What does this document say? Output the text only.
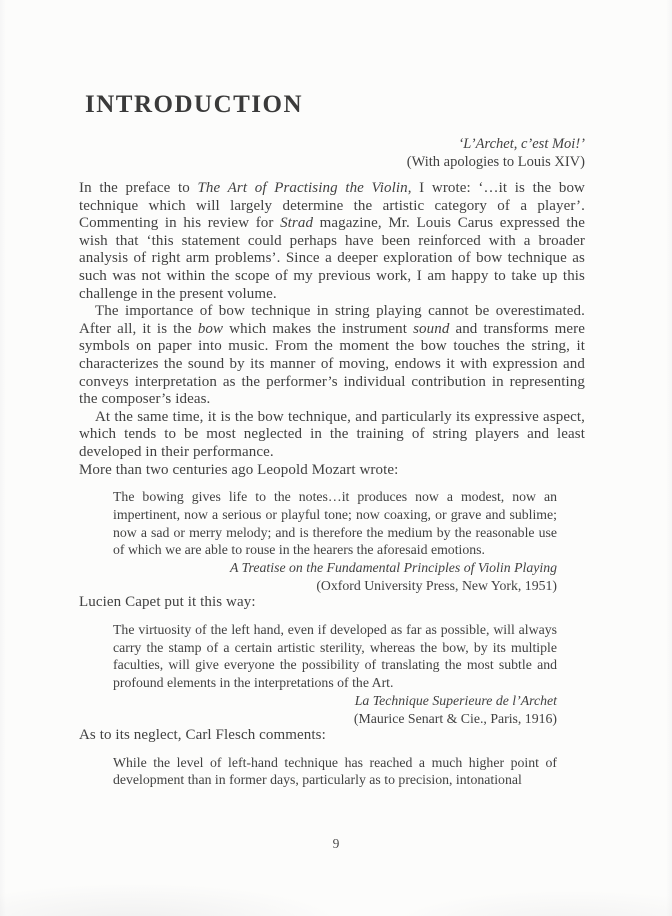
INTRODUCTION
‘L’Archet, c’est Moi!’
(With apologies to Louis XIV)

In the preface to The Art of Practising the Violin, I wrote: ‘…it is the bow technique which will largely determine the artistic category of a player’. Commenting in his review for Strad magazine, Mr. Louis Carus expressed the wish that ‘this statement could perhaps have been reinforced with a broader analysis of right arm problems’. Since a deeper exploration of bow technique as such was not within the scope of my previous work, I am happy to take up this challenge in the present volume.

The importance of bow technique in string playing cannot be overestimated. After all, it is the bow which makes the instrument sound and transforms mere symbols on paper into music. From the moment the bow touches the string, it characterizes the sound by its manner of moving, endows it with expression and conveys interpretation as the performer’s individual contribution in representing the composer’s ideas.

At the same time, it is the bow technique, and particularly its expressive aspect, which tends to be most neglected in the training of string players and least developed in their performance.

More than two centuries ago Leopold Mozart wrote:

The bowing gives life to the notes…it produces now a modest, now an impertinent, now a serious or playful tone; now coaxing, or grave and sublime; now a sad or merry melody; and is therefore the medium by the reasonable use of which we are able to rouse in the hearers the aforesaid emotions.
A Treatise on the Fundamental Principles of Violin Playing
(Oxford University Press, New York, 1951)

Lucien Capet put it this way:

The virtuosity of the left hand, even if developed as far as possible, will always carry the stamp of a certain artistic sterility, whereas the bow, by its multiple faculties, will give everyone the possibility of translating the most subtle and profound elements in the interpretations of the Art.
La Technique Superieure de l’Archet
(Maurice Senart & Cie., Paris, 1916)

As to its neglect, Carl Flesch comments:

While the level of left-hand technique has reached a much higher point of development than in former days, particularly as to precision, intonational
9
